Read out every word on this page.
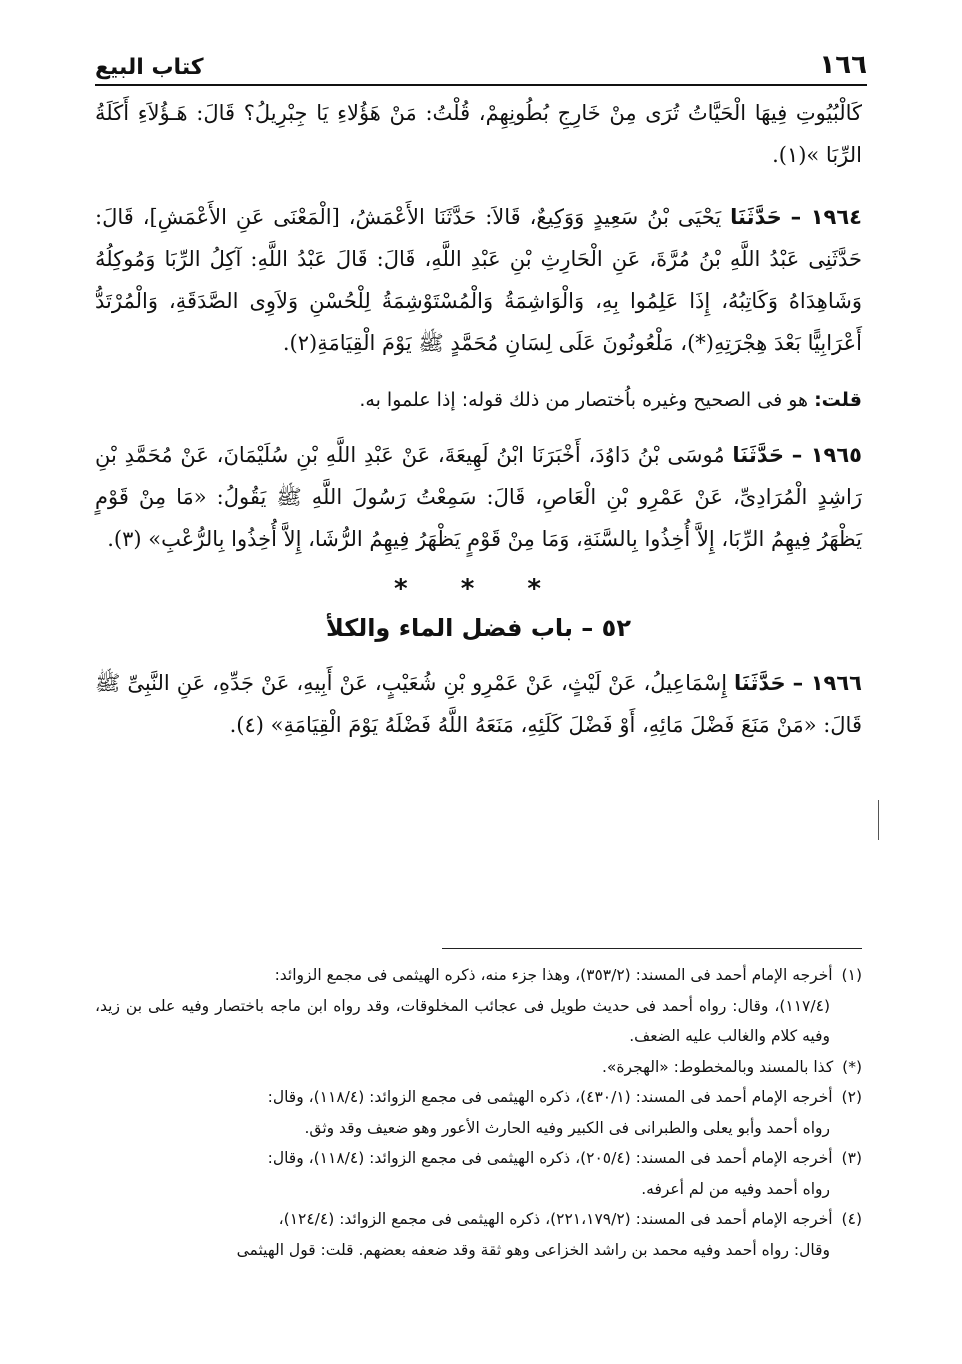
١٦٦
كتاب البيع

كَالْبُيُوتِ فِيهَا الْحَيَّاتُ تُرَى مِنْ خَارِجِ بُطُونِهِمْ، قُلْتُ: مَنْ هَؤُلاءِ يَا جِبْرِيلُ؟ قَالَ: هَـؤُلاَءِ أَكَلَةُ الرِّبَا »(١).

١٩٦٤ – حَدَّثَنَا يَحْيَى بْنُ سَعِيدٍ وَوَكِيعٌ، قَالاَ: حَدَّثَنَا الأَعْمَشُ، [الْمَعْنَى عَنِ الأَعْمَشِ]، قَالَ: حَدَّثَنِى عَبْدُ اللَّهِ بْنُ مُرَّةَ، عَنِ الْحَارِثِ بْنِ عَبْدِ اللَّهِ، قَالَ: قَالَ عَبْدُ اللَّهِ: آكِلُ الرِّبَا وَمُوكِلُهُ وَشَاهِدَاهُ وَكَاتِبُهُ، إِذَا عَلِمُوا بِهِ، وَالْوَاشِمَةُ وَالْمُسْتَوْشِمَةُ لِلْحُسْنِ وَلاَوِى الصَّدَقَةِ، وَالْمُرْتَدُّ أَعْرَابِيًّا بَعْدَ هِجْرَتِهِ(*)، مَلْعُونُونَ عَلَى لِسَانِ مُحَمَّدٍ ﷺ يَوْمَ الْقِيَامَةِ(٢).

قلت: هو فى الصحيح وغيره باُختصار من ذلك قوله: إذا علموا به.

١٩٦٥ – حَدَّثَنَا مُوسَى بْنُ دَاوُدَ، أَخْبَرَنَا ابْنُ لَهِيعَةَ، عَنْ عَبْدِ اللَّهِ بْنِ سُلَيْمَانَ، عَنْ مُحَمَّدِ بْنِ رَاشِدٍ الْمُرَادِىِّ، عَنْ عَمْرِو بْنِ الْعَاصِ، قَالَ: سَمِعْتُ رَسُولَ اللَّهِ ﷺ يَقُولُ: «مَا مِنْ قَوْمٍ يَظْهَرُ فِيهِمُ الرِّبَا، إِلاَّ أُخِذُوا بِالسَّنَةِ، وَمَا مِنْ قَوْمٍ يَظْهَرُ فِيهِمُ الرُّشَا، إِلاَّ أُخِذُوا بِالرُّعْبِ» (٣).

* * *
٥٢ – باب فضل الماء والكلأ

١٩٦٦ – حَدَّثَنَا إِسْمَاعِيلُ، عَنْ لَيْثٍ، عَنْ عَمْرِو بْنِ شُعَيْبٍ، عَنْ أَبِيهِ، عَنْ جَدِّهِ، عَنِ النَّبِىِّ ﷺ قَالَ: «مَنْ مَنَعَ فَضْلَ مَائِهِ، أَوْ فَضْلَ كَلَئِهِ، مَنَعَهُ اللَّهُ فَضْلَهُ يَوْمَ الْقِيَامَةِ» (٤).

(١) أخرجه الإمام أحمد فى المسند: (٣٥٣/٢)، وهذا جزء منه، ذكره الهيثمى فى مجمع الزوائد:
(١١٧/٤)، وقال: رواه أحمد فى حديث طويل فى عجائب المخلوقات، وقد رواه ابن ماجه باختصار وفيه على بن زيد، وفيه كلام والغالب عليه الضعف.

(*) كذا بالمسند وبالمخطوط: «الهجرة».

(٢) أخرجه الإمام أحمد فى المسند: (٤٣٠/١)، ذكره الهيثمى فى مجمع الزوائد: (١١٨/٤)، وقال:
رواه أحمد وأبو يعلى والطبرانى فى الكبير وفيه الحارث الأعور وهو ضعيف وقد وثق.

(٣) أخرجه الإمام أحمد فى المسند: (٢٠٥/٤)، ذكره الهيثمى فى مجمع الزوائد: (١١٨/٤)، وقال:
رواه أحمد وفيه من لم أعرفه.

(٤) أخرجه الإمام أحمد فى المسند: (٢٢١،١٧٩/٢)، ذكره الهيثمى فى مجمع الزوائد: (١٢٤/٤)،
وقال: رواه أحمد وفيه محمد بن راشد الخزاعى وهو ثقة وقد ضعفه بعضهم. قلت: قول الهيثمى
